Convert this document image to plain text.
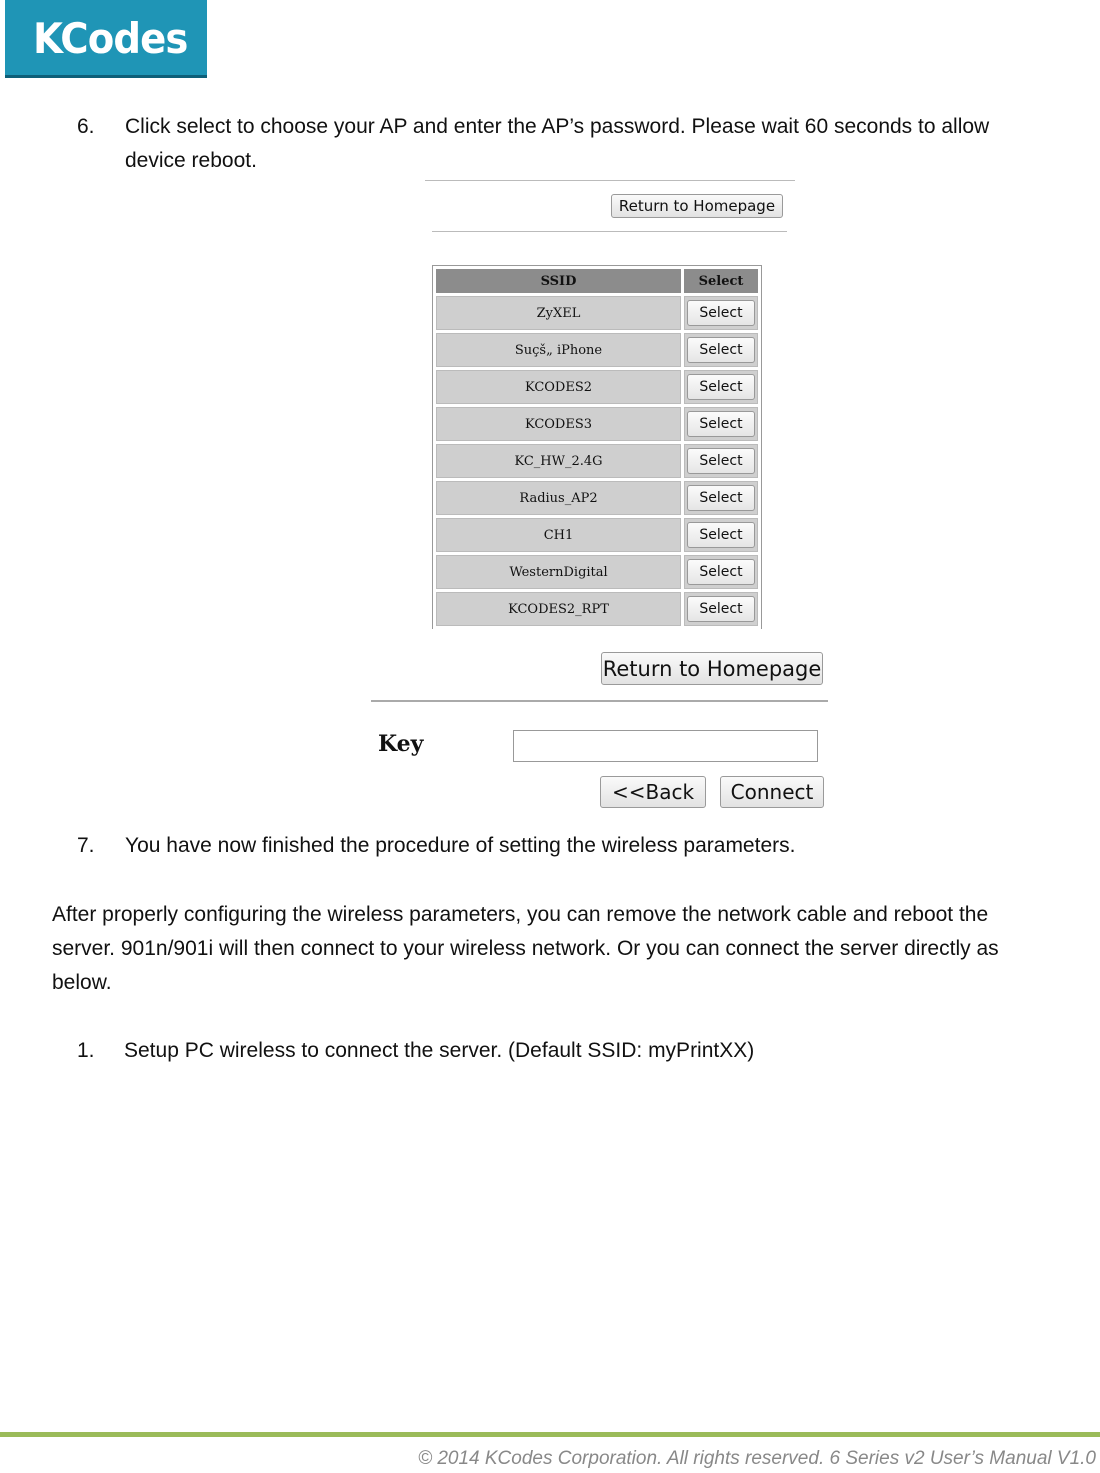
KCodes
6. Click select to choose your AP and enter the AP’s password. Please wait 60 seconds to allow
device reboot.
Return to Homepage
SSID	Select
ZyXEL	Select
Suçš„ iPhone	Select
KCODES2	Select
KCODES3	Select
KC_HW_2.4G	Select
Radius_AP2	Select
CH1	Select
WesternDigital	Select
KCODES2_RPT	Select
Return to Homepage
Key
<<Back	Connect
7. You have now finished the procedure of setting the wireless parameters.
After properly configuring the wireless parameters, you can remove the network cable and reboot the
server. 901n/901i will then connect to your wireless network. Or you can connect the server directly as
below.
1. Setup PC wireless to connect the server. (Default SSID: myPrintXX)
© 2014 KCodes Corporation. All rights reserved. 6 Series v2 User’s Manual V1.0
